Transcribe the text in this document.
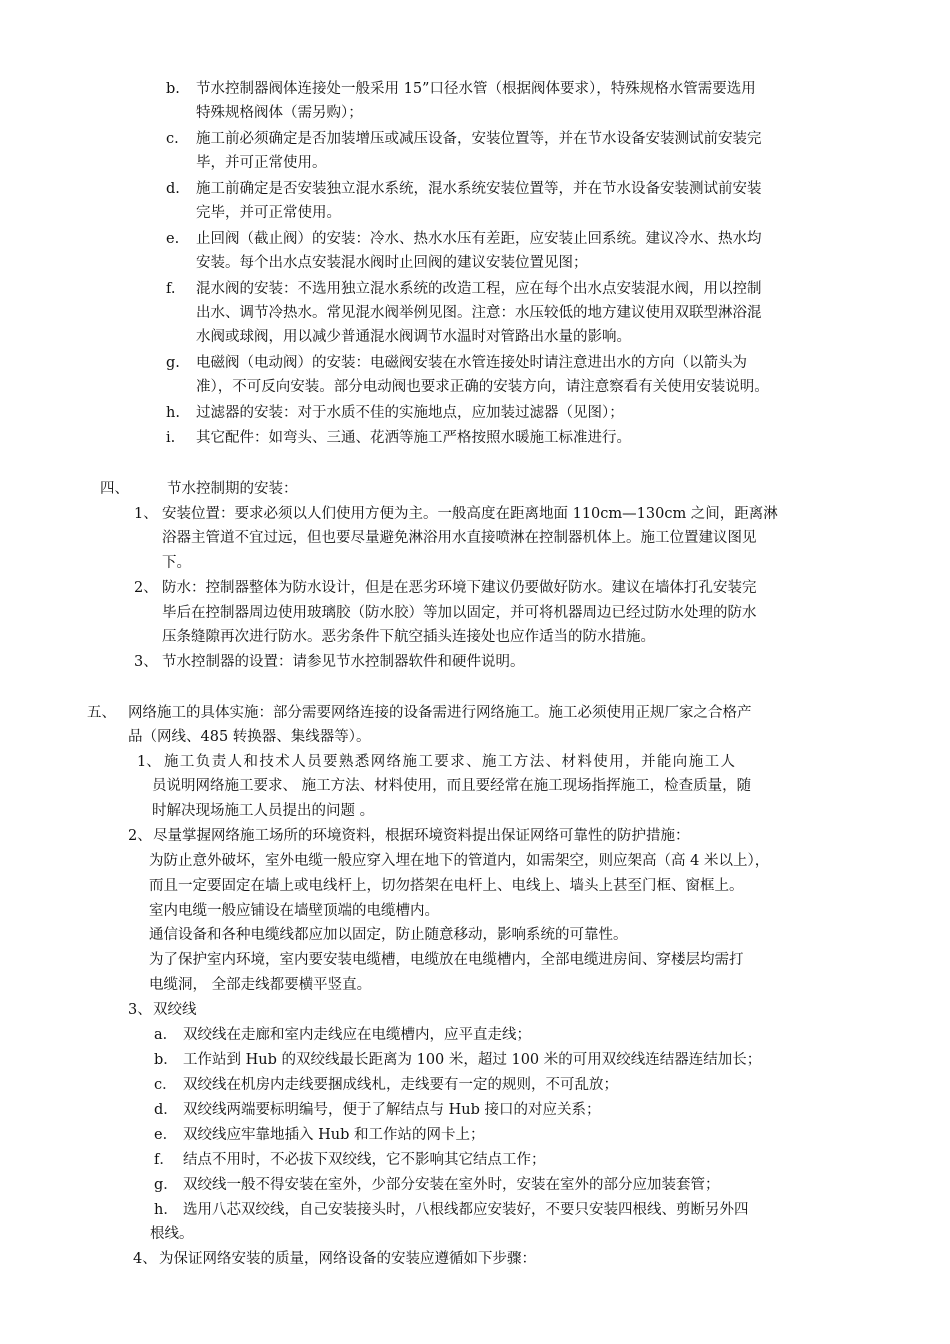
b. 节水控制器阀体连接处一般采用 15”口径水管（根据阀体要求），特殊规格水管需要选用
特殊规格阀体（需另购）；
c. 施工前必须确定是否加装增压或减压设备，安装位置等，并在节水设备安装测试前安装完
毕，并可正常使用。
d. 施工前确定是否安装独立混水系统，混水系统安装位置等，并在节水设备安装测试前安装
完毕，并可正常使用。
e. 止回阀（截止阀）的安装：冷水、热水水压有差距，应安装止回系统。建议冷水、热水均
安装。每个出水点安装混水阀时止回阀的建议安装位置见图；
f. 混水阀的安装：不选用独立混水系统的改造工程，应在每个出水点安装混水阀，用以控制
出水、调节冷热水。常见混水阀举例见图。注意：水压较低的地方建议使用双联型淋浴混
水阀或球阀，用以减少普通混水阀调节水温时对管路出水量的影响。
g. 电磁阀（电动阀）的安装：电磁阀安装在水管连接处时请注意进出水的方向（以箭头为
准），不可反向安装。部分电动阀也要求正确的安装方向，请注意察看有关使用安装说明。
h. 过滤器的安装：对于水质不佳的实施地点，应加装过滤器（见图）；
i. 其它配件：如弯头、三通、花洒等施工严格按照水暖施工标准进行。
四、	节水控制期的安装：
1、 安装位置：要求必须以人们使用方便为主。一般高度在距离地面 110cm—130cm 之间，距离淋
浴器主管道不宜过远，但也要尽量避免淋浴用水直接喷淋在控制器机体上。施工位置建议图见
下。
2、 防水：控制器整体为防水设计，但是在恶劣环境下建议仍要做好防水。建议在墙体打孔安装完
毕后在控制器周边使用玻璃胶（防水胶）等加以固定，并可将机器周边已经过防水处理的防水
压条缝隙再次进行防水。恶劣条件下航空插头连接处也应作适当的防水措施。
3、 节水控制器的设置：请参见节水控制器软件和硬件说明。
五、 网络施工的具体实施：部分需要网络连接的设备需进行网络施工。施工必须使用正规厂家之合格产
品（网线、485 转换器、集线器等）。
1、 施工负责人和技术人员要熟悉网络施工要求、施工方法、材料使用，并能向施工人
员说明网络施工要求、 施工方法、材料使用，而且要经常在施工现场指挥施工，检查质量，随
时解决现场施工人员提出的问题 。
2、 尽量掌握网络施工场所的环境资料，根据环境资料提出保证网络可靠性的防护措施：
为防止意外破坏，室外电缆一般应穿入埋在地下的管道内，如需架空，则应架高（高 4 米以上），
而且一定要固定在墙上或电线杆上，切勿搭架在电杆上、电线上、墙头上甚至门框、窗框上。
室内电缆一般应铺设在墙壁顶端的电缆槽内。
通信设备和各种电缆线都应加以固定，防止随意移动，影响系统的可靠性。
为了保护室内环境，室内要安装电缆槽，电缆放在电缆槽内，全部电缆进房间、穿楼层均需打
电缆洞， 全部走线都要横平竖直。
3、 双绞线
a． 双绞线在走廊和室内走线应在电缆槽内，应平直走线；
b． 工作站到 Hub 的双绞线最长距离为 100 米，超过 100 米的可用双绞线连结器连结加长；
c． 双绞线在机房内走线要捆成线札，走线要有一定的规则，不可乱放；
d． 双绞线两端要标明编号，便于了解结点与 Hub 接口的对应关系；
e． 双绞线应牢靠地插入 Hub 和工作站的网卡上；
f． 结点不用时，不必拔下双绞线，它不影响其它结点工作；
g． 双绞线一般不得安装在室外，少部分安装在室外时，安装在室外的部分应加装套管；
h． 选用八芯双绞线，自己安装接头时，八根线都应安装好，不要只安装四根线、剪断另外四
根线。
4、 为保证网络安装的质量，网络设备的安装应遵循如下步骤：
